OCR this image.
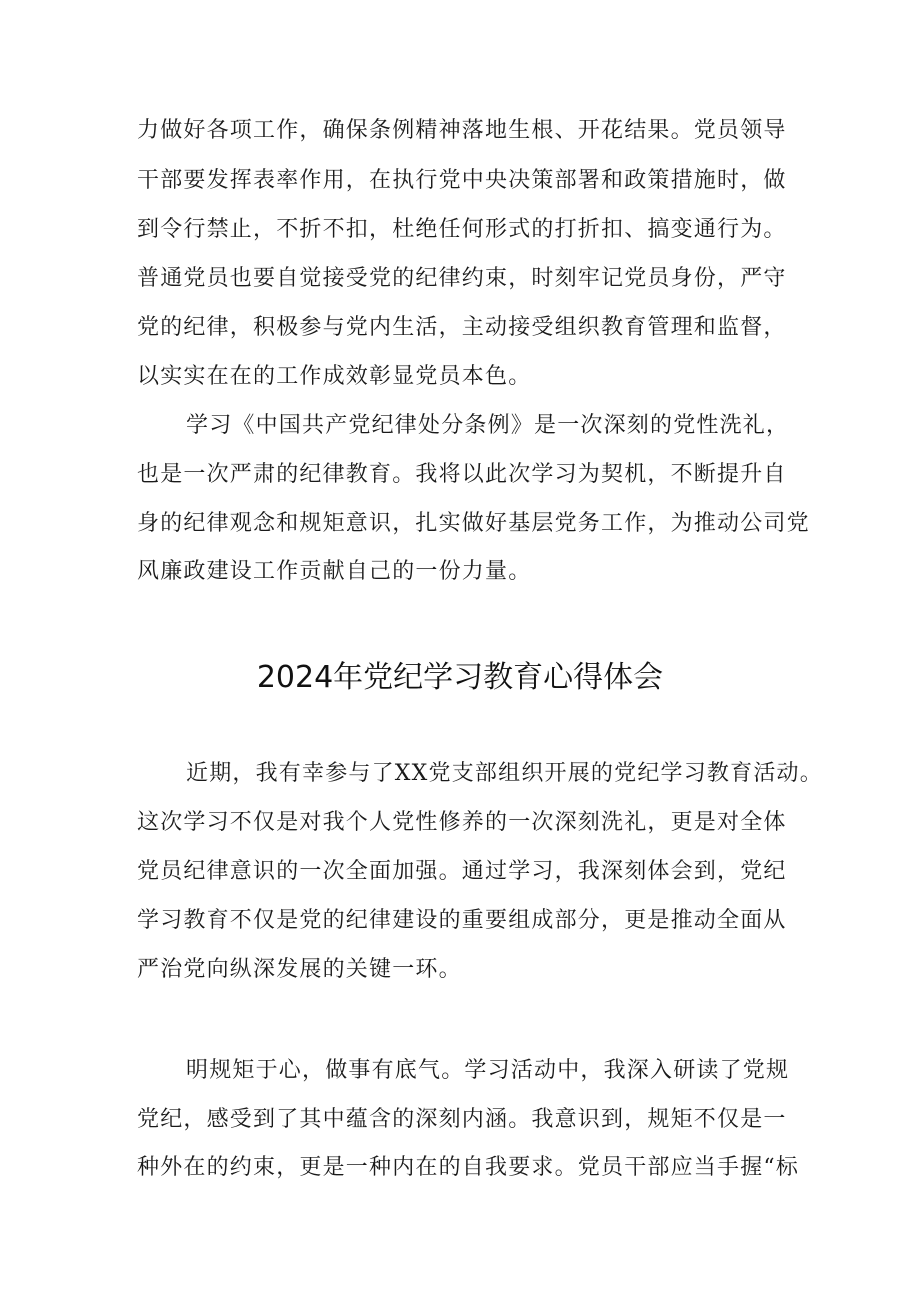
力做好各项工作，确保条例精神落地生根、开花结果。党员领导
干部要发挥表率作用，在执行党中央决策部署和政策措施时，做
到令行禁止，不折不扣，杜绝任何形式的打折扣、搞变通行为。
普通党员也要自觉接受党的纪律约束，时刻牢记党员身份，严守
党的纪律，积极参与党内生活，主动接受组织教育管理和监督，
以实实在在的工作成效彰显党员本色。
学习《中国共产党纪律处分条例》是一次深刻的党性洗礼，
也是一次严肃的纪律教育。我将以此次学习为契机，不断提升自
身的纪律观念和规矩意识，扎实做好基层党务工作，为推动公司党
风廉政建设工作贡献自己的一份力量。
2024年党纪学习教育心得体会
近期，我有幸参与了XX党支部组织开展的党纪学习教育活动。
这次学习不仅是对我个人党性修养的一次深刻洗礼，更是对全体
党员纪律意识的一次全面加强。通过学习，我深刻体会到，党纪
学习教育不仅是党的纪律建设的重要组成部分，更是推动全面从
严治党向纵深发展的关键一环。
明规矩于心，做事有底气。学习活动中，我深入研读了党规
党纪，感受到了其中蕴含的深刻内涵。我意识到，规矩不仅是一
种外在的约束，更是一种内在的自我要求。党员干部应当手握“标
